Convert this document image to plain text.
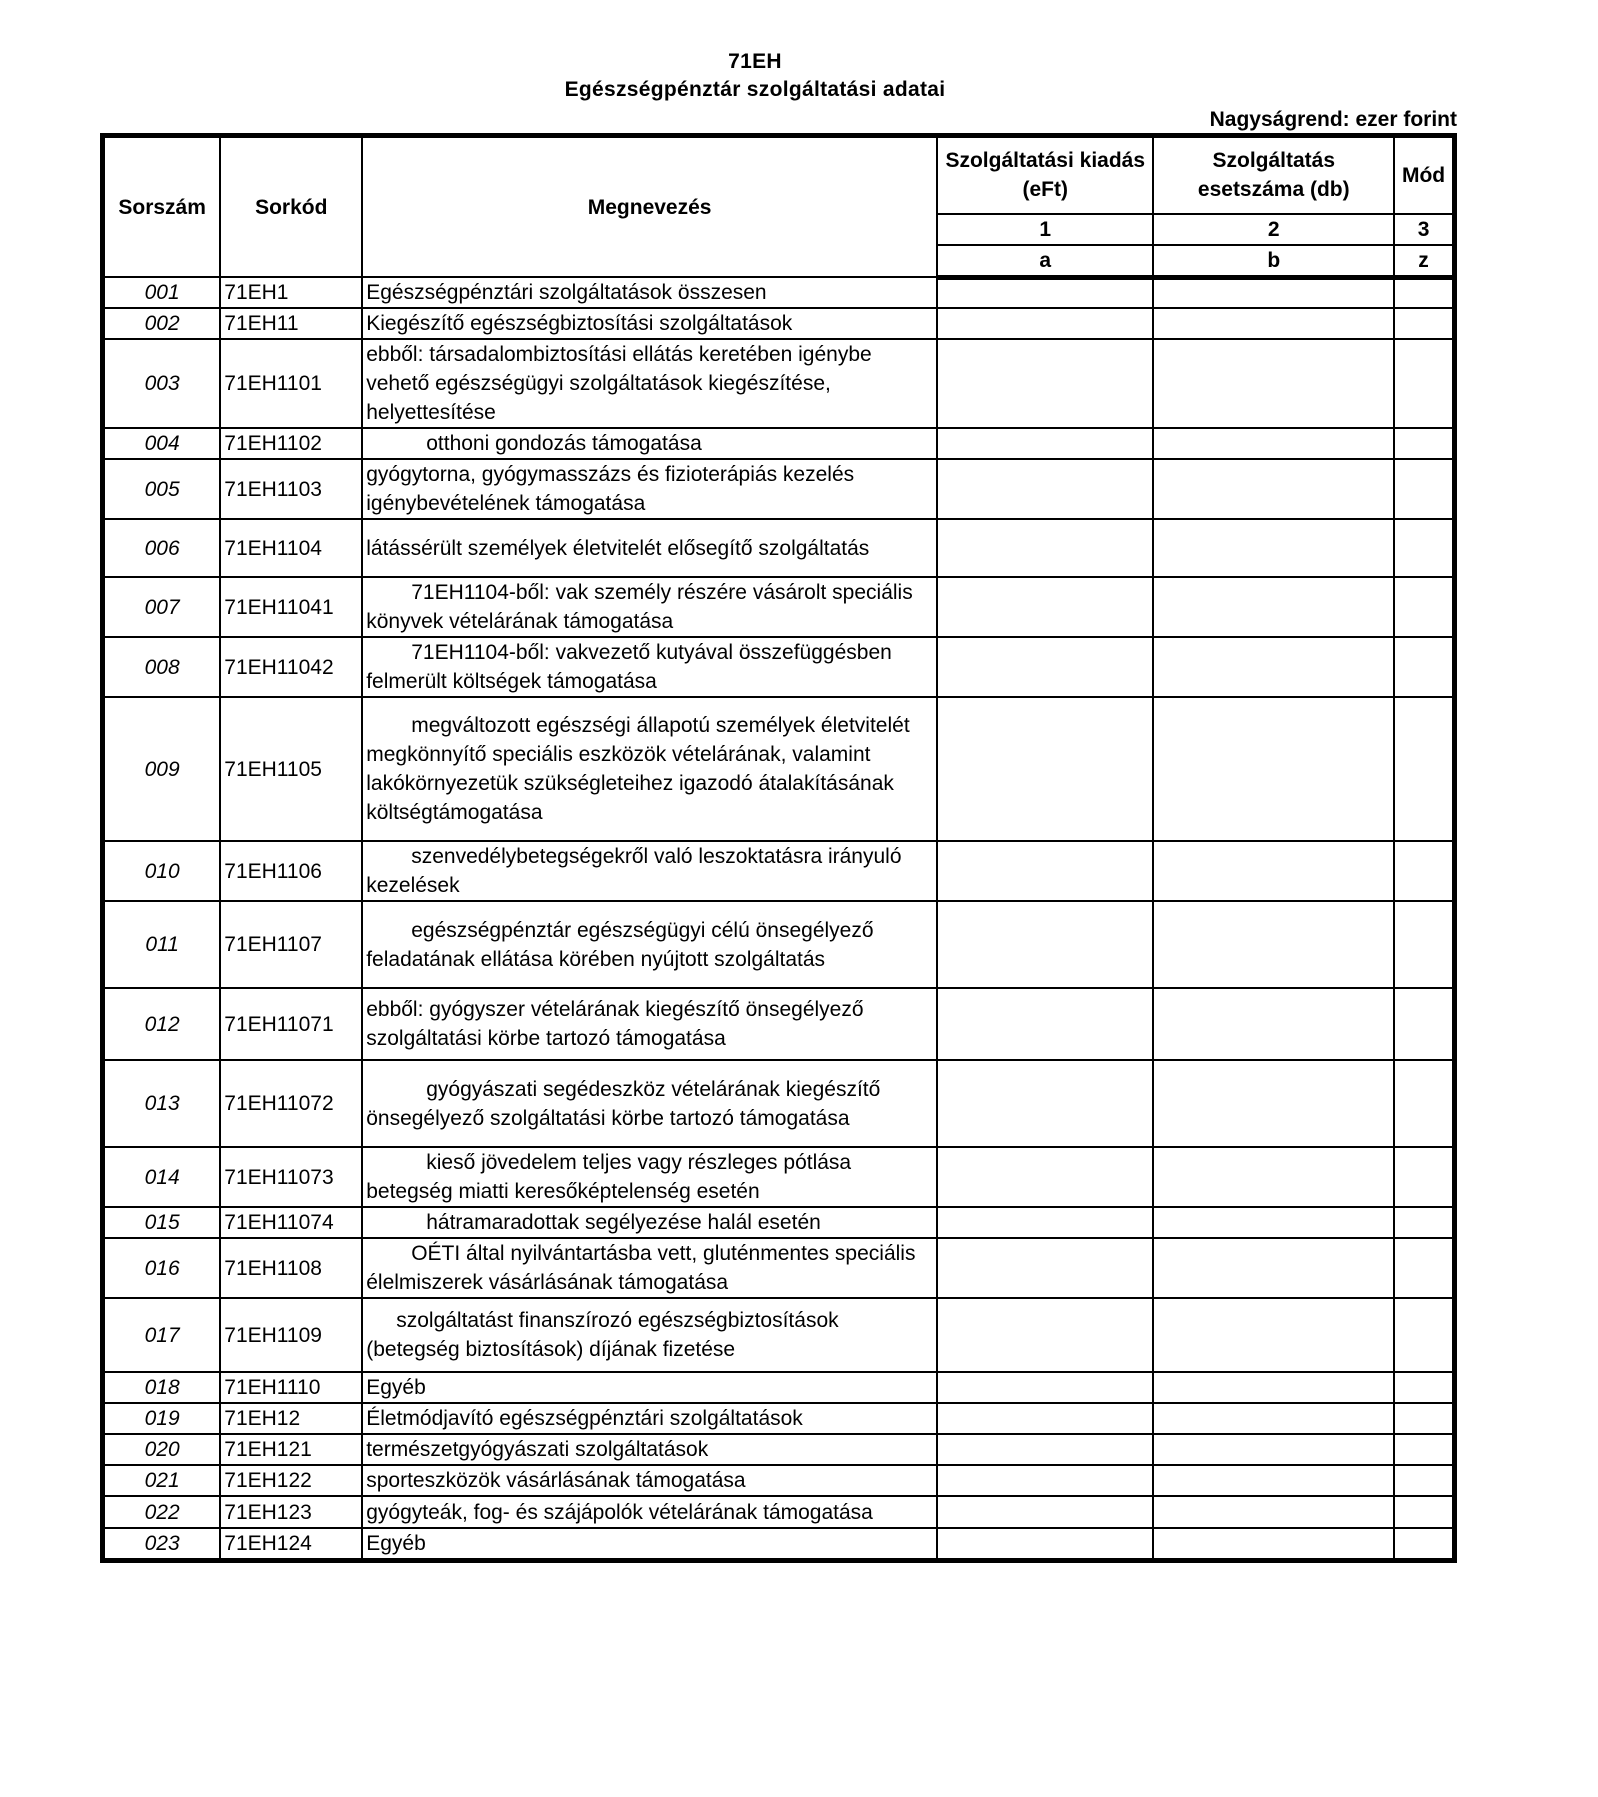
71EH
Egészségpénztár szolgáltatási adatai
Nagyságrend: ezer forint
Sorszám	Sorkód	Megnevezés	Szolgáltatási kiadás (eFt)	Szolgáltatás esetszáma (db)	Mód
			1	2	3
			a	b	z
001	71EH1	Egészségpénztári szolgáltatások összesen			
002	71EH11	Kiegészítő egészségbiztosítási szolgáltatások			
003	71EH1101	ebből: társadalombiztosítási ellátás keretében igénybe vehető egészségügyi szolgáltatások kiegészítése, helyettesítése			
004	71EH1102	otthoni gondozás támogatása			
005	71EH1103	gyógytorna, gyógymasszázs és fizioterápiás kezelés igénybevételének támogatása			
006	71EH1104	látássérült személyek életvitelét elősegítő szolgáltatás			
007	71EH11041	71EH1104-ből: vak személy részére vásárolt speciális könyvek vételárának támogatása			
008	71EH11042	71EH1104-ből: vakvezető kutyával összefüggésben felmerült költségek támogatása			
009	71EH1105	megváltozott egészségi állapotú személyek életvitelét megkönnyítő speciális eszközök vételárának, valamint lakókörnyezetük szükségleteihez igazodó átalakításának költségtámogatása			
010	71EH1106	szenvedélybetegségekről való leszoktatásra irányuló kezelések			
011	71EH1107	egészségpénztár egészségügyi célú önsegélyező feladatának ellátása körében nyújtott szolgáltatás			
012	71EH11071	ebből: gyógyszer vételárának kiegészítő önsegélyező szolgáltatási körbe tartozó támogatása			
013	71EH11072	gyógyászati segédeszköz vételárának kiegészítő önsegélyező szolgáltatási körbe tartozó támogatása			
014	71EH11073	kieső jövedelem teljes vagy részleges pótlása betegség miatti keresőképtelenség esetén			
015	71EH11074	hátramaradottak segélyezése halál esetén			
016	71EH1108	OÉTI által nyilvántartásba vett, gluténmentes speciális élelmiszerek vásárlásának támogatása			
017	71EH1109	szolgáltatást finanszírozó egészségbiztosítások (betegség biztosítások) díjának fizetése			
018	71EH1110	Egyéb			
019	71EH12	Életmódjavító egészségpénztári szolgáltatások			
020	71EH121	természetgyógyászati szolgáltatások			
021	71EH122	sporteszközök vásárlásának támogatása			
022	71EH123	gyógyteák, fog- és szájápolók vételárának támogatása			
023	71EH124	Egyéb			
